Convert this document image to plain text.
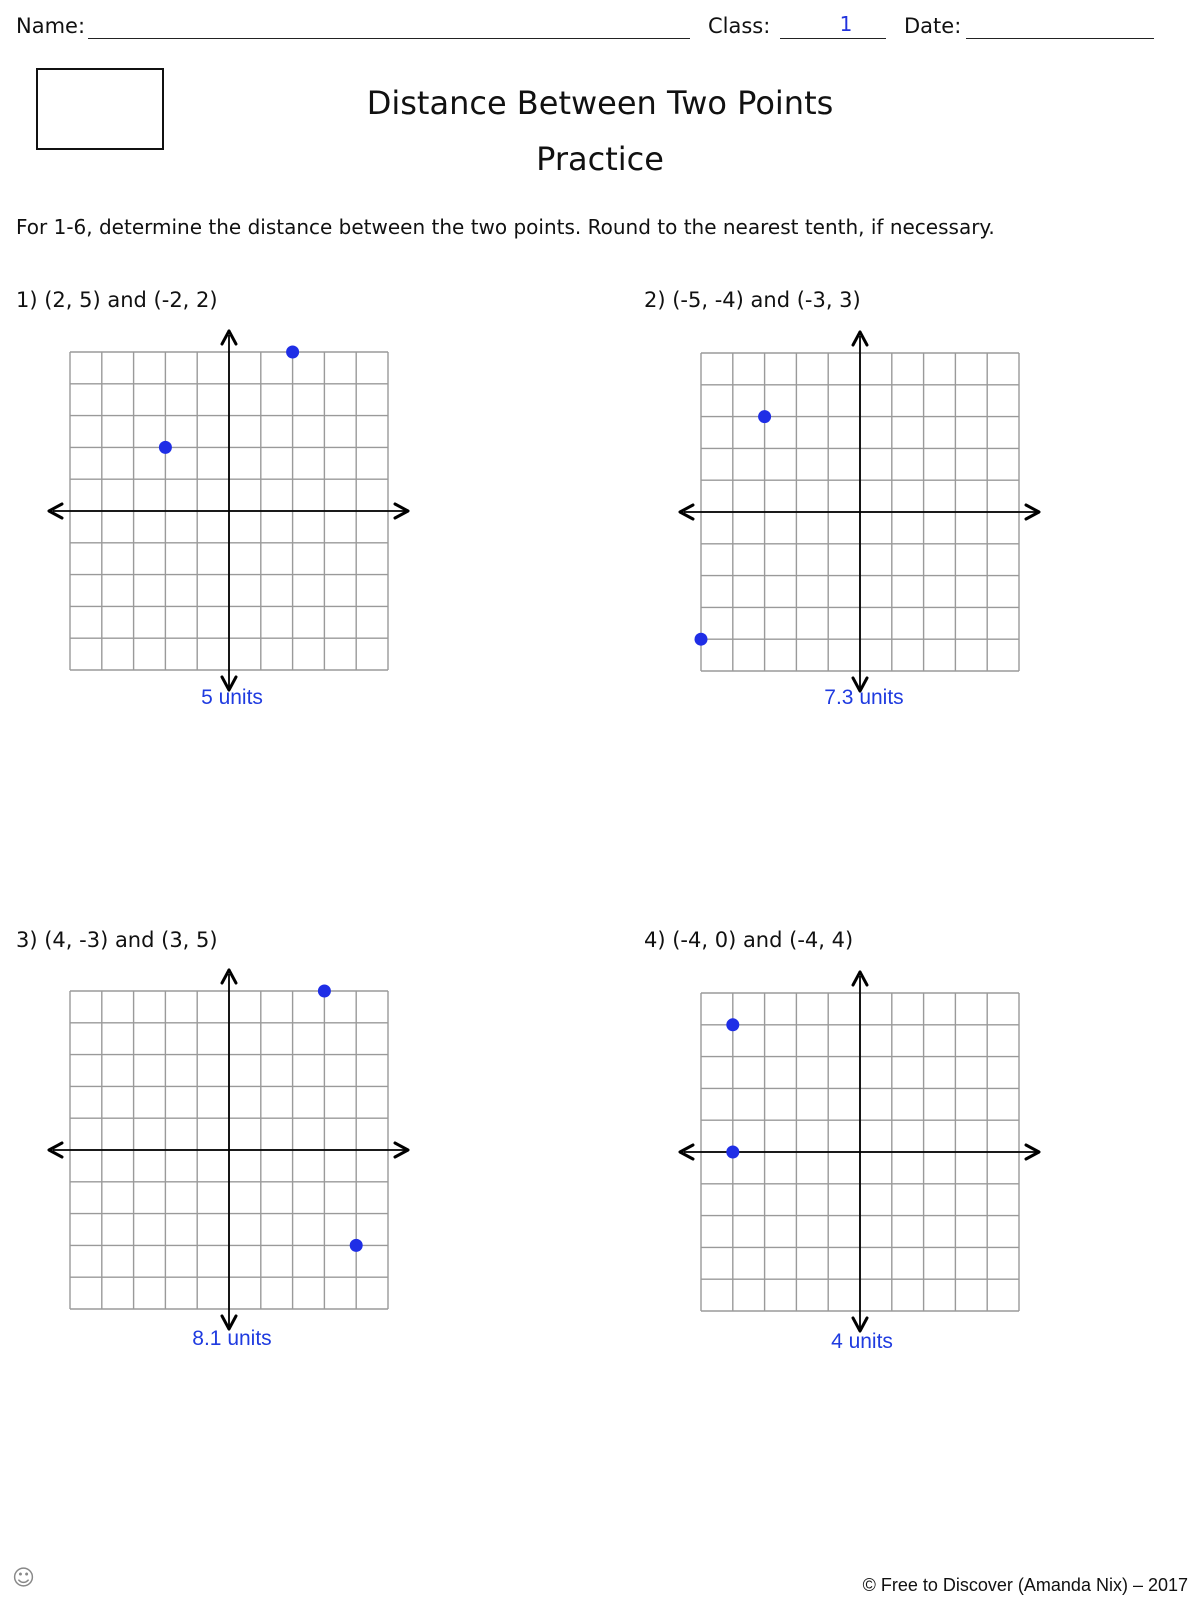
Name:	Class:	1	Date:
Distance Between Two Points
Practice
For 1-6, determine the distance between the two points. Round to the nearest tenth, if necessary.
1) (2, 5) and (-2, 2)
5 units
2) (-5, -4) and (-3, 3)
7.3 units
3) (4, -3) and (3, 5)
8.1 units
4) (-4, 0) and (-4, 4)
4 units
☺	© Free to Discover (Amanda Nix) – 2017
